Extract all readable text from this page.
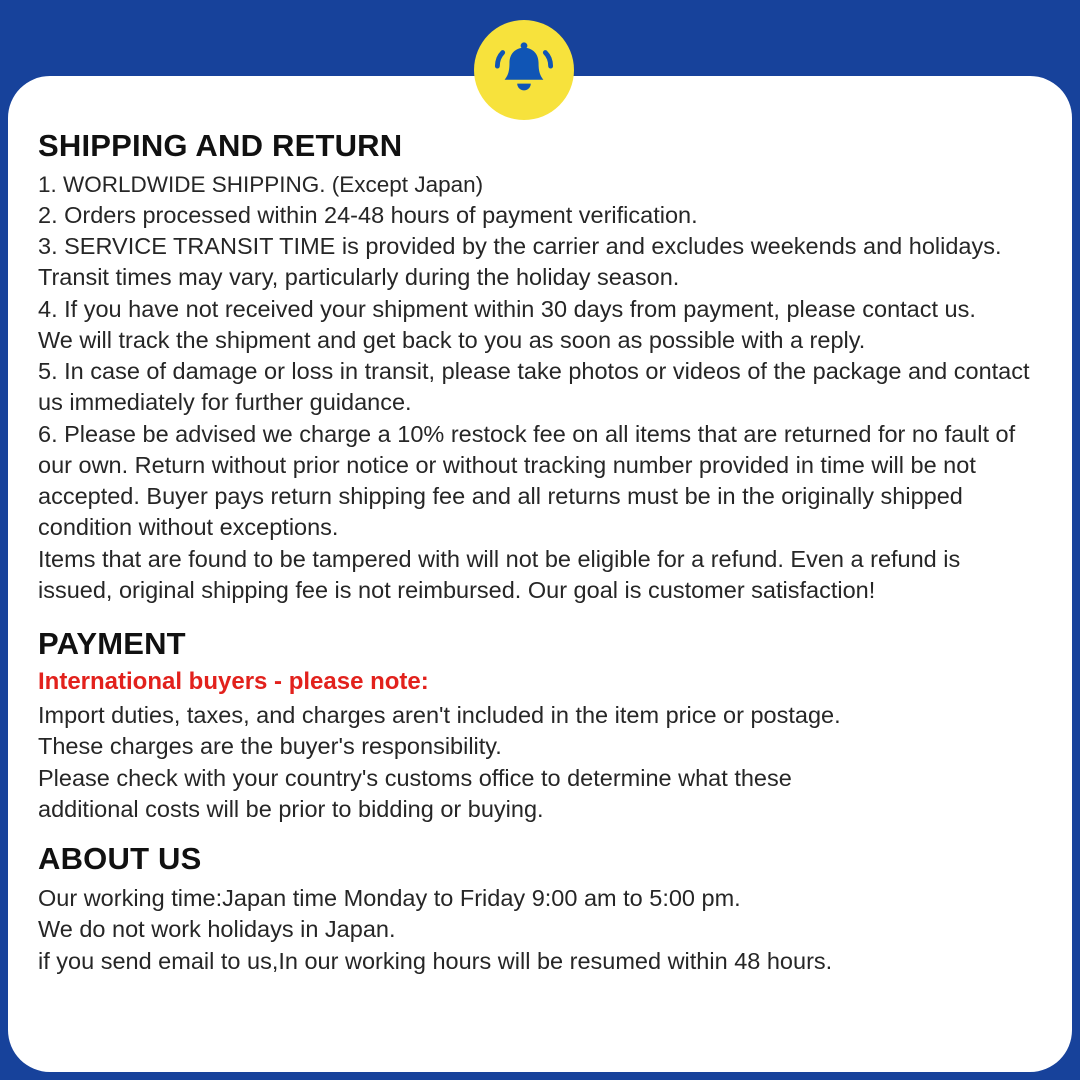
SHIPPING AND RETURN

1. WORLDWIDE SHIPPING. (Except Japan)

2. Orders processed within 24-48 hours of payment verification.

3. SERVICE TRANSIT TIME is provided by the carrier and excludes weekends and holidays.

Transit times may vary, particularly during the holiday season.

4. If you have not received your shipment within 30 days from payment, please contact us.

We will track the shipment and get back to you as soon as possible with a reply.

5. In case of damage or loss in transit, please take photos or videos of the package and contact

us immediately for further guidance.

6. Please be advised we charge a 10% restock fee on all items that are returned for no fault of

our own. Return without prior notice or without tracking number provided in time will be not

accepted. Buyer pays return shipping fee and all returns must be in the originally shipped

condition without exceptions.

Items that are found to be tampered with will not be eligible for a refund. Even a refund is

issued, original shipping fee is not reimbursed. Our goal is customer satisfaction!

PAYMENT

International buyers - please note:

Import duties, taxes, and charges aren't included in the item price or postage.

These charges are the buyer's responsibility.

Please check with your country's customs office to determine what these

additional costs will be prior to bidding or buying.

ABOUT US

Our working time:Japan time Monday to Friday 9:00 am to 5:00 pm.

We do not work holidays in Japan.

if you send email to us,In our working hours will be resumed within 48 hours.
